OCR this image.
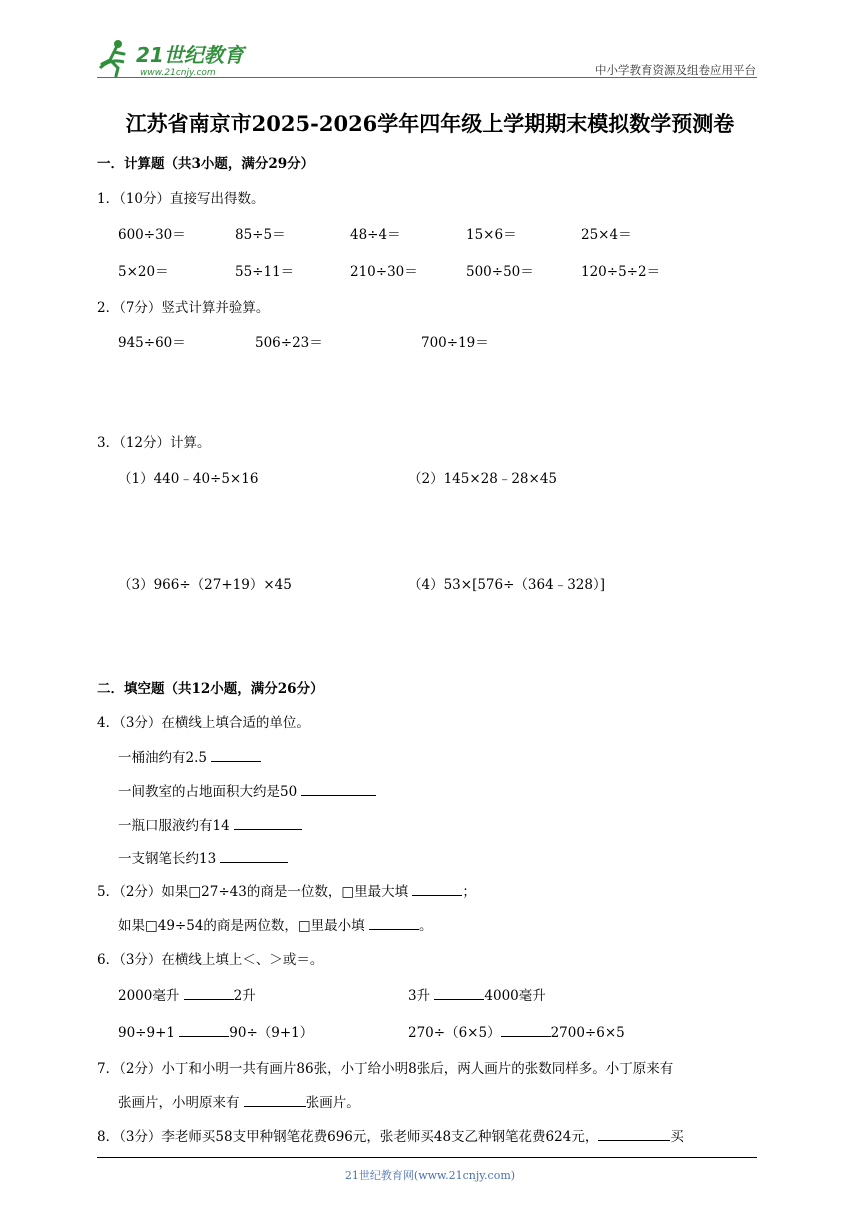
21世纪教育
www.21cnjy.com	中小学教育资源及组卷应用平台
江苏省南京市2025-2026学年四年级上学期期末模拟数学预测卷
一．计算题（共3小题，满分29分）
1．（10分）直接写出得数。
600÷30＝	85÷5＝	48÷4＝	15×6＝	25×4＝
5×20＝	55÷11＝	210÷30＝	500÷50＝	120÷5÷2＝
2．（7分）竖式计算并验算。
945÷60＝	506÷23＝	700÷19＝
3．（12分）计算。
（1）440﹣40÷5×16	（2）145×28﹣28×45
（3）966÷（27+19）×45	（4）53×[576÷（364﹣328）]
二．填空题（共12小题，满分26分）
4．（3分）在横线上填合适的单位。
一桶油约有2.5
一间教室的占地面积大约是50
一瓶口服液约有14
一支钢笔长约13
5．（2分）如果□27÷43的商是一位数，□里最大填	；
如果□49÷54的商是两位数，□里最小填	。
6．（3分）在横线上填上＜、＞或＝。
2000毫升	2升	3升	4000毫升
90÷9+1	90÷（9+1）	270÷（6×5）	2700÷6×5
7．（2分）小丁和小明一共有画片86张，小丁给小明8张后，两人画片的张数同样多。小丁原来有
张画片，小明原来有	张画片。
8．（3分）李老师买58支甲种钢笔花费696元，张老师买48支乙种钢笔花费624元，	买
21世纪教育网(www.21cnjy.com)
